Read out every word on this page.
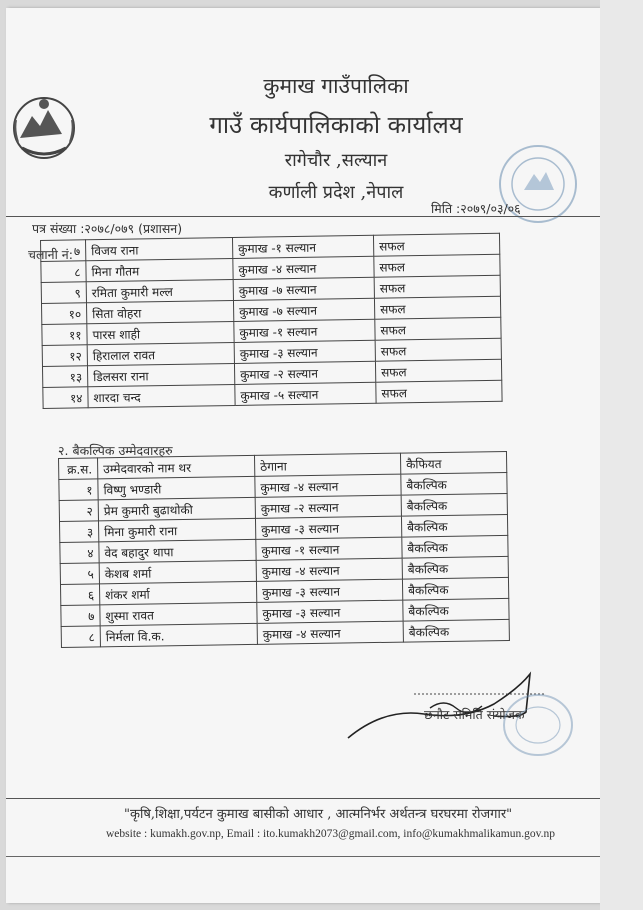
कुमाख गाउँपालिका
गाउँ कार्यपालिकाको कार्यालय
रागेचौर ,सल्यान
कर्णाली प्रदेश ,नेपाल
मिति :२०७९/०३/०६
पत्र संख्या :२०७८/०७९ (प्रशासन)
चलानी नं: ७	विजय राना	कुमाख -१ सल्यान	सफल
८	मिना गौतम	कुमाख -४ सल्यान	सफल
९	रमिता कुमारी मल्ल	कुमाख -७ सल्यान	सफल
१०	सिता वोहरा	कुमाख -७ सल्यान	सफल
११	पारस शाही	कुमाख -१ सल्यान	सफल
१२	हिरालाल रावत	कुमाख -३ सल्यान	सफल
१३	डिलसरा राना	कुमाख -२ सल्यान	सफल
१४	शारदा चन्द	कुमाख -५ सल्यान	सफल
२. बैकल्पिक उम्मेदवारहरु
क्र.स.	उम्मेदवारको नाम थर	ठेगाना	कैफियत
१	विष्णु भण्डारी	कुमाख -४ सल्यान	बैकल्पिक
२	प्रेम कुमारी बुढाथोकी	कुमाख -२ सल्यान	बैकल्पिक
३	मिना कुमारी राना	कुमाख -३ सल्यान	बैकल्पिक
४	वेद बहादुर थापा	कुमाख -१ सल्यान	बैकल्पिक
५	केशब शर्मा	कुमाख -४ सल्यान	बैकल्पिक
६	शंकर शर्मा	कुमाख -३ सल्यान	बैकल्पिक
७	शुस्मा रावत	कुमाख -३ सल्यान	बैकल्पिक
८	निर्मला वि.क.	कुमाख -४ सल्यान	बैकल्पिक
छनौट समिति संयोजक
"कृषि,शिक्षा,पर्यटन कुमाख बासीको आधार , आत्मनिर्भर अर्थतन्त्र घरघरमा रोजगार"
website : kumakh.gov.np, Email : ito.kumakh2073@gmail.com, info@kumakhmalikamun.gov.np
